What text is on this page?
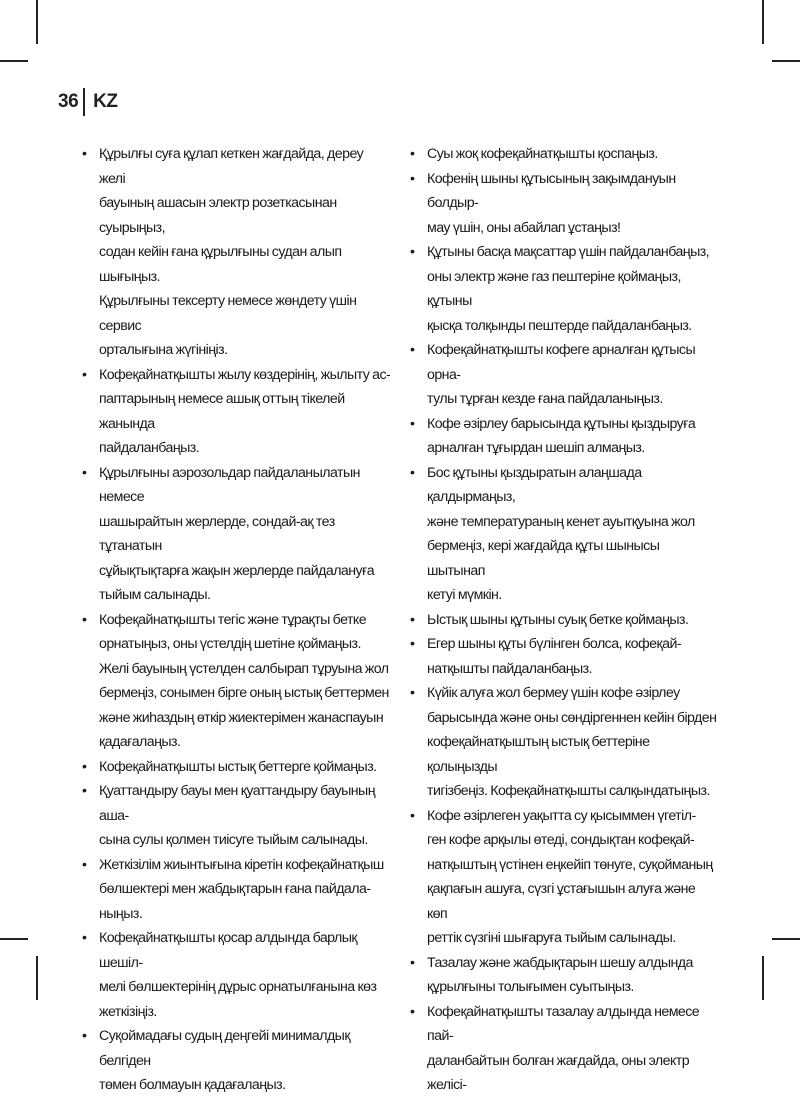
36 KZ
• Құрылғы суға құлап кеткен жағдайда, дереу желі
бауының ашасын электр розеткасынан суырыңыз,
содан кейін ғана құрылғыны судан алып шығыңыз.
Құрылғыны тексерту немесе жөндету үшін сервис
орталығына жүгініңіз.
• Кофеқайнатқышты жылу көздерінің, жылыту ас-
паптарының немесе ашық оттың тікелей жанында
пайдаланбаңыз.
• Құрылғыны аэрозольдар пайдаланылатын немесе
шашырайтын жерлерде, сондай-ақ тез тұтанатын
сұйықтықтарға жақын жерлерде пайдалануға
тыйым салынады.
• Кофеқайнатқышты тегіс және тұрақты бетке
орнатыңыз, оны үстелдің шетіне қоймаңыз.
Желі бауының үстелден салбырап тұруына жол
бермеңіз, сонымен бірге оның ыстық беттермен
және жиһаздың өткір жиектерімен жанаспауын
қадағалаңыз.
• Кофеқайнатқышты ыстық беттерге қоймаңыз.
• Қуаттандыру бауы мен қуаттандыру бауының аша-
сына сулы қолмен тиісуге тыйым салынады.
• Жеткізілім жиынтығына кіретін кофеқайнатқыш
бөлшектері мен жабдықтарын ғана пайдала-
ныңыз.
• Кофеқайнатқышты қосар алдында барлық шешіл-
мелі бөлшектерінің дұрыс орнатылғанына көз
жеткізіңіз.
• Суқоймадағы судың деңгейі минималдық белгіден
төмен болмауын қадағалаңыз.
• Суы жоқ кофеқайнатқышты қоспаңыз.
• Кофенің шыны құтысының зақымдануын болдыр-
мау үшін, оны абайлап ұстаңыз!
• Құтыны басқа мақсаттар үшін пайдаланбаңыз,
оны электр және газ пештеріне қоймаңыз, құтыны
қысқа толқынды пештерде пайдаланбаңыз.
• Кофеқайнатқышты кофеге арналған құтысы орна-
тулы тұрған кезде ғана пайдаланыңыз.
• Кофе әзірлеу барысында құтыны қыздыруға
арналған тұғырдан шешіп алмаңыз.
• Бос құтыны қыздыратын алаңшада қалдырмаңыз,
және температураның кенет ауытқуына жол
бермеңіз, кері жағдайда құты шынысы шытынап
кетуі мүмкін.
• Ыстық шыны құтыны суық бетке қоймаңыз.
• Егер шыны құты бүлінген болса, кофеқай-
натқышты пайдаланбаңыз.
• Күйік алуға жол бермеу үшін кофе әзірлеу
барысында және оны сөндіргеннен кейін бірден
кофеқайнатқыштың ыстық беттеріне қолыңызды
тигізбеңіз. Кофеқайнатқышты салқындатыңыз.
• Кофе әзірлеген уақытта су қысыммен үгетіл-
ген кофе арқылы өтеді, сондықтан кофеқай-
натқыштың үстінен еңкейіп төнуге, суқойманың
қақпағын ашуға, сүзгі ұстағышын алуға және көп
реттік сүзгіні шығаруға тыйым салынады.
• Тазалау және жабдықтарын шешу алдында
құрылғыны толығымен суытыңыз.
• Кофеқайнатқышты тазалау алдында немесе пай-
даланбайтын болған жағдайда, оны электр желісі-
